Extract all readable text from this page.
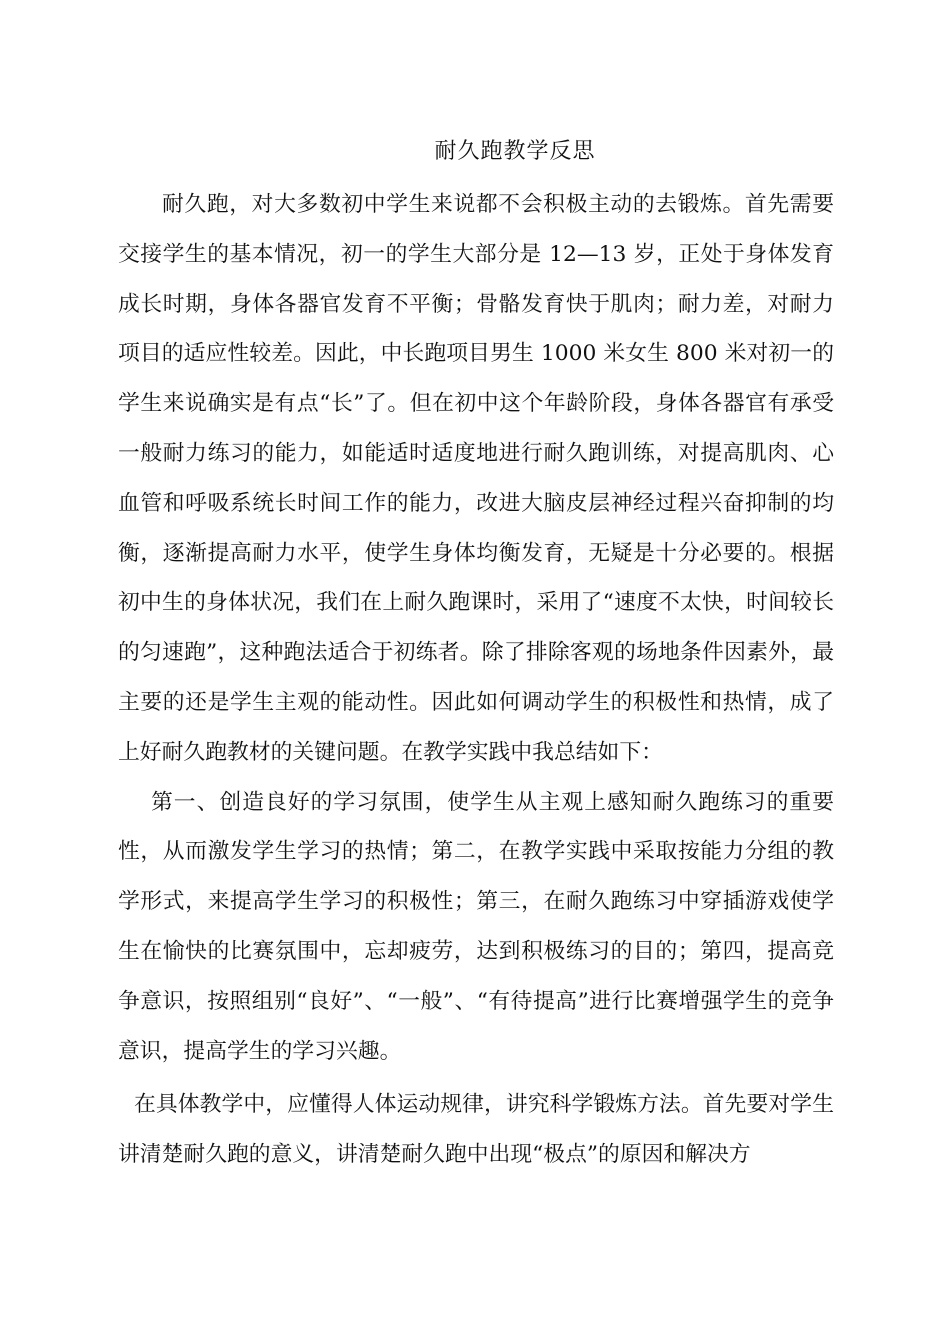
耐久跑教学反思

耐久跑，对大多数初中学生来说都不会积极主动的去锻炼。首先需要交接学生的基本情况，初一的学生大部分是 12—13 岁，正处于身体发育成长时期，身体各器官发育不平衡；骨骼发育快于肌肉；耐力差，对耐力项目的适应性较差。因此，中长跑项目男生 1000 米女生 800 米对初一的学生来说确实是有点“长”了。但在初中这个年龄阶段，身体各器官有承受一般耐力练习的能力，如能适时适度地进行耐久跑训练，对提高肌肉、心血管和呼吸系统长时间工作的能力，改进大脑皮层神经过程兴奋抑制的均衡，逐渐提高耐力水平，使学生身体均衡发育，无疑是十分必要的。根据初中生的身体状况，我们在上耐久跑课时，采用了“速度不太快，时间较长的匀速跑”，这种跑法适合于初练者。除了排除客观的场地条件因素外，最主要的还是学生主观的能动性。因此如何调动学生的积极性和热情，成了上好耐久跑教材的关键问题。在教学实践中我总结如下：

第一、创造良好的学习氛围，使学生从主观上感知耐久跑练习的重要性，从而激发学生学习的热情；第二，在教学实践中采取按能力分组的教学形式，来提高学生学习的积极性；第三，在耐久跑练习中穿插游戏使学生在愉快的比赛氛围中，忘却疲劳，达到积极练习的目的；第四，提高竞争意识，按照组别“良好”、“一般”、“有待提高”进行比赛增强学生的竞争意识，提高学生的学习兴趣。

在具体教学中，应懂得人体运动规律，讲究科学锻炼方法。首先要对学生讲清楚耐久跑的意义，讲清楚耐久跑中出现“极点”的原因和解决方
